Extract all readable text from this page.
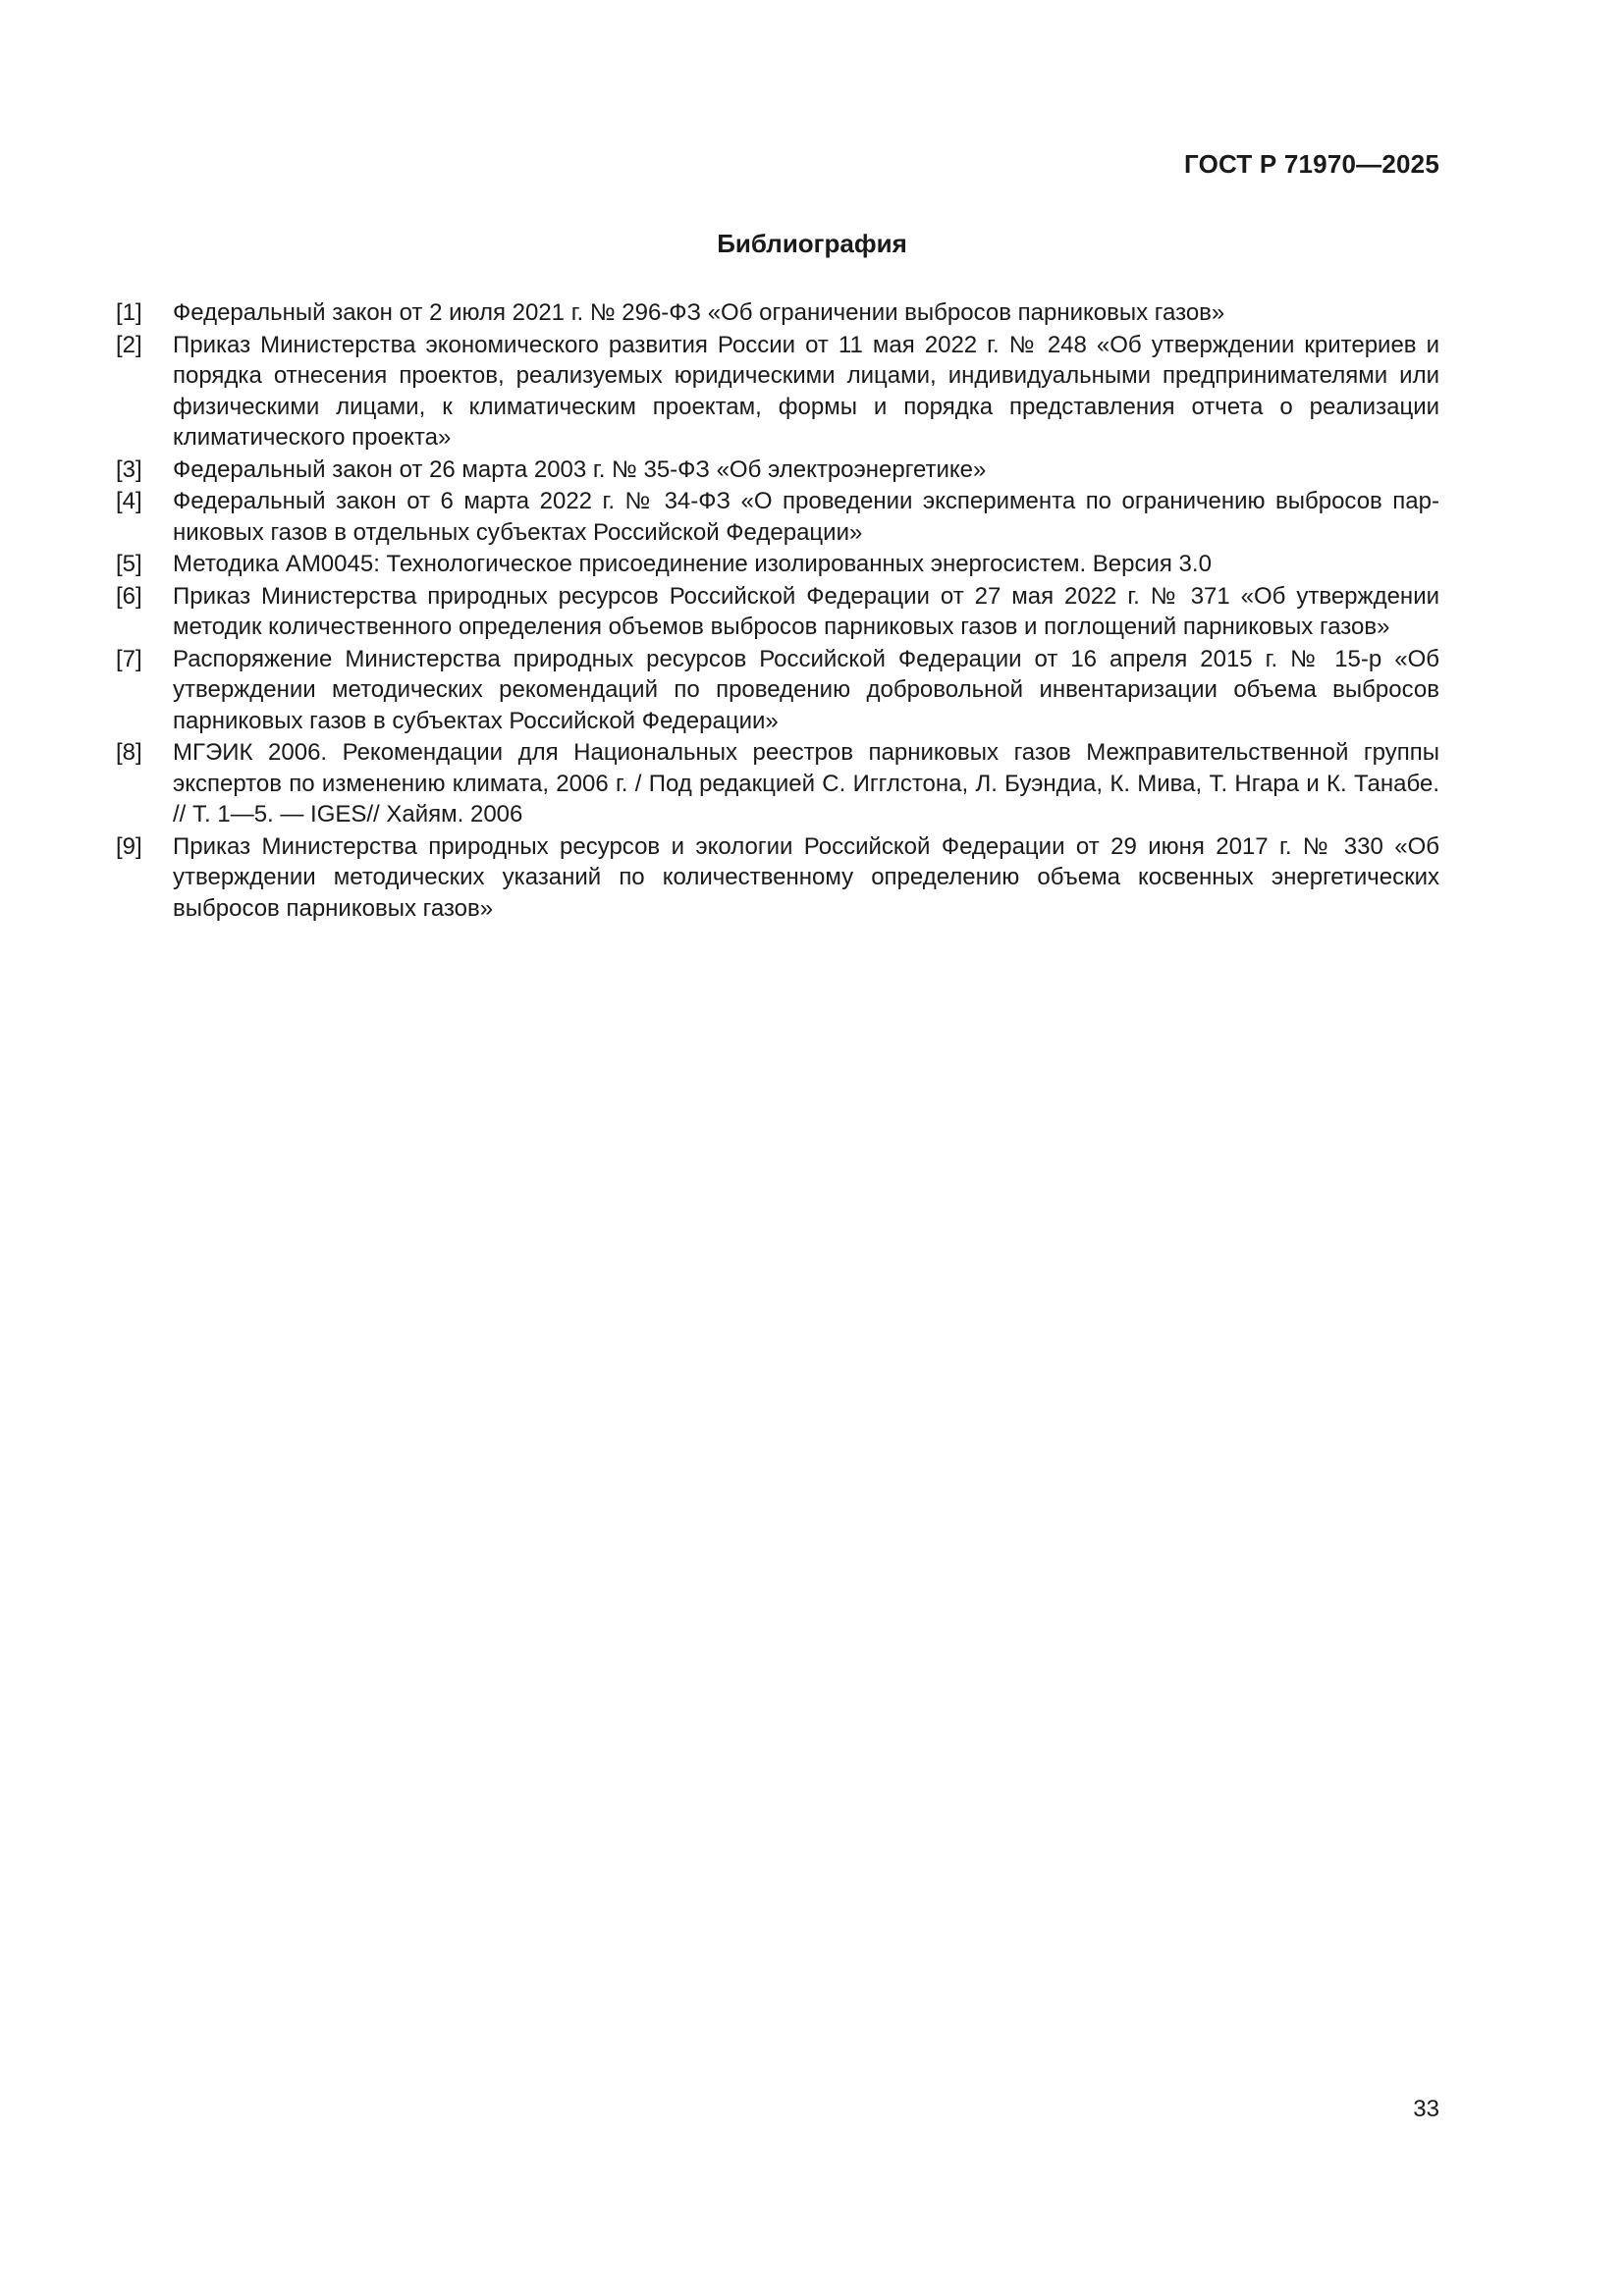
ГОСТ Р 71970—2025
Библиография
[1]	Федеральный закон от 2 июля 2021 г. № 296-ФЗ «Об ограничении выбросов парниковых газов»
[2]	Приказ Министерства экономического развития России от 11 мая 2022 г. № 248 «Об утверждении критериев и порядка отнесения проектов, реализуемых юридическими лицами, индивидуальными предпринимателями или физическими лицами, к климатическим проектам, формы и порядка представления отчета о реализации климатического проекта»
[3]	Федеральный закон от 26 марта 2003 г. № 35-ФЗ «Об электроэнергетике»
[4]	Федеральный закон от 6 марта 2022 г. № 34-ФЗ «О проведении эксперимента по ограничению выбросов парниковых газов в отдельных субъектах Российской Федерации»
[5]	Методика AM0045: Технологическое присоединение изолированных энергосистем. Версия 3.0
[6]	Приказ Министерства природных ресурсов Российской Федерации от 27 мая 2022 г. № 371 «Об утверждении методик количественного определения объемов выбросов парниковых газов и поглощений парниковых газов»
[7]	Распоряжение Министерства природных ресурсов Российской Федерации от 16 апреля 2015 г. № 15-р «Об утверждении методических рекомендаций по проведению добровольной инвентаризации объема выбросов парниковых газов в субъектах Российской Федерации»
[8]	МГЭИК 2006. Рекомендации для Национальных реестров парниковых газов Межправительственной группы экспертов по изменению климата, 2006 г. / Под редакцией С. Игглстона, Л. Буэндиа, К. Мива, Т. Нгара и К. Танабе. // Т. 1—5. — IGES// Хайям. 2006
[9]	Приказ Министерства природных ресурсов и экологии Российской Федерации от 29 июня 2017 г. № 330 «Об утверждении методических указаний по количественному определению объема косвенных энергетических выбросов парниковых газов»
33
